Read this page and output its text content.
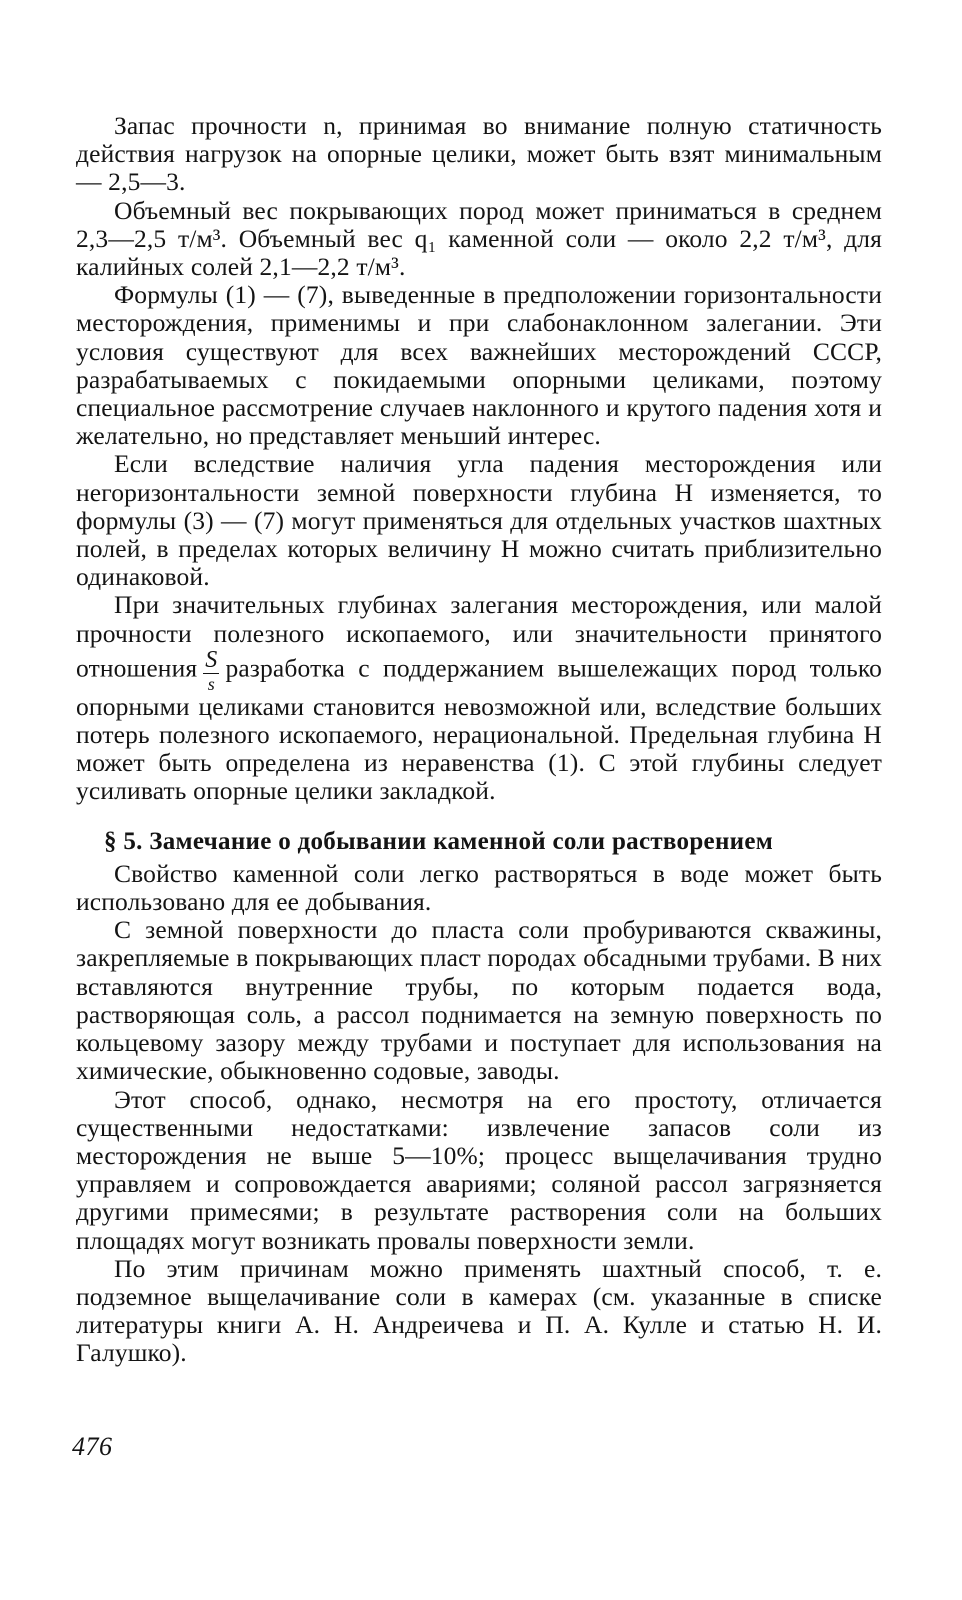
Запас прочности n, принимая во внимание полную статичность действия нагрузок на опорные целики, может быть взят минимальным — 2,5—3.

Объемный вес покрывающих пород может приниматься в среднем 2,3—2,5 т/м³. Объемный вес q₁ каменной соли — около 2,2 т/м³, для калийных солей 2,1—2,2 т/м³.

Формулы (1) — (7), выведенные в предположении горизонтальности месторождения, применимы и при слабонаклонном залегании. Эти условия существуют для всех важнейших месторождений СССР, разрабатываемых с покидаемыми опорными целиками, поэтому специальное рассмотрение случаев наклонного и крутого падения хотя и желательно, но представляет меньший интерес.

Если вследствие наличия угла падения месторождения или негоризонтальности земной поверхности глубина H изменяется, то формулы (3) — (7) могут применяться для отдельных участков шахтных полей, в пределах которых величину H можно считать приблизительно одинаковой.

При значительных глубинах залегания месторождения, или малой прочности полезного ископаемого, или значительности принятого отношения $\frac{S}{s}$ разработка с поддержанием вышележащих пород только опорными целиками становится невозможной или, вследствие больших потерь полезного ископаемого, нерациональной. Предельная глубина H может быть определена из неравенства (1). С этой глубины следует усиливать опорные целики закладкой.

§ 5. Замечание о добывании каменной соли растворением

Свойство каменной соли легко растворяться в воде может быть использовано для ее добывания.

С земной поверхности до пласта соли пробуриваются скважины, закрепляемые в покрывающих пласт породах обсадными трубами. В них вставляются внутренние трубы, по которым подается вода, растворяющая соль, а рассол поднимается на земную поверхность по кольцевому зазору между трубами и поступает для использования на химические, обыкновенно содовые, заводы.

Этот способ, однако, несмотря на его простоту, отличается существенными недостатками: извлечение запасов соли из месторождения не выше 5—10%; процесс выщелачивания трудно управляем и сопровождается авариями; соляной рассол загрязняется другими примесями; в результате растворения соли на больших площадях могут возникать провалы поверхности земли.

По этим причинам можно применять шахтный способ, т. е. подземное выщелачивание соли в камерах (см. указанные в списке литературы книги А. Н. Андреичева и П. А. Кулле и статью Н. И. Галушко).

476
